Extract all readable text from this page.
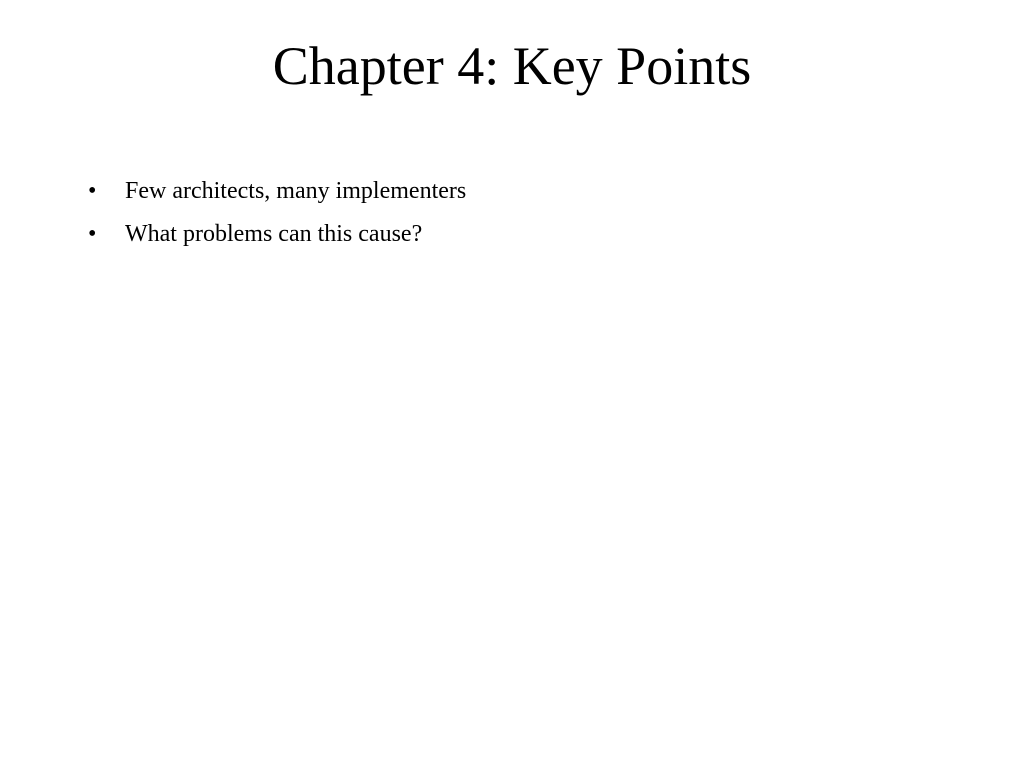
Chapter 4: Key Points
• Few architects, many implementers
• What problems can this cause?
